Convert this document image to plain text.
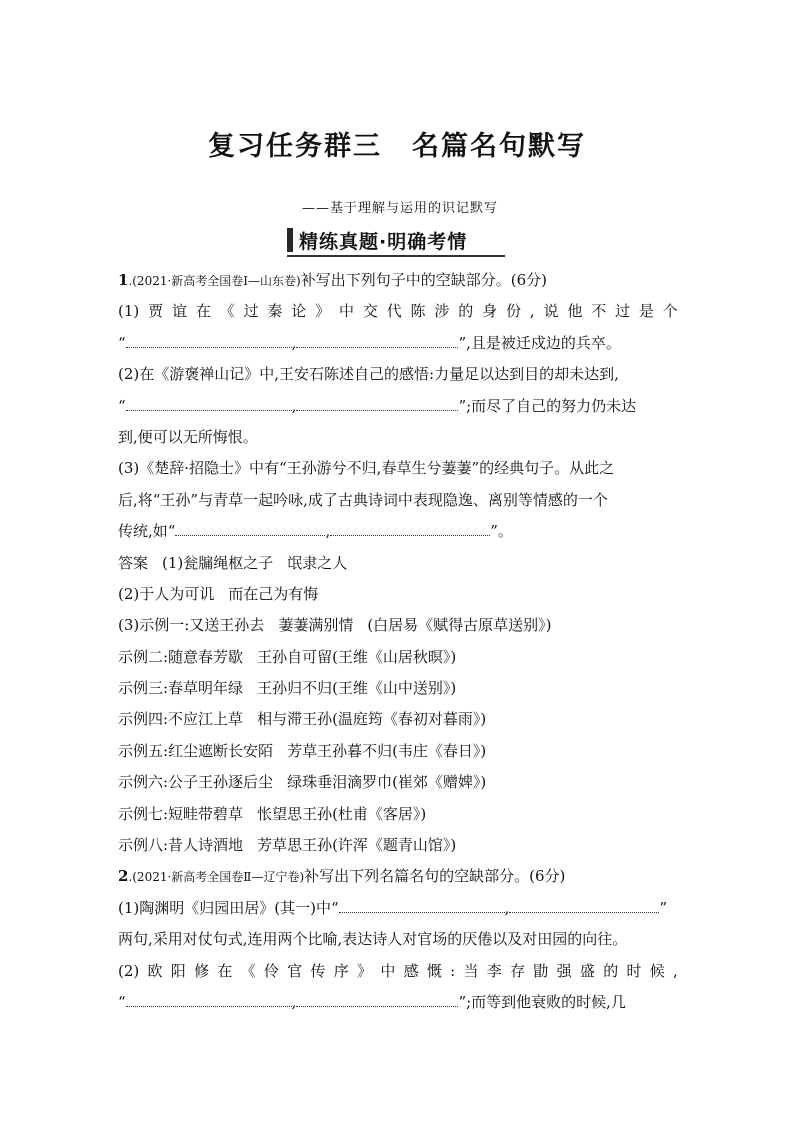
复习任务群三 名篇名句默写
——基于理解与运用的识记默写
精练真题·明确考情
1.(2021·新高考全国卷Ⅰ—山东卷)补写出下列句子中的空缺部分。(6分)
(1) 贾 谊 在 《 过 秦 论 》 中 交 代 陈 涉 的 身 份 , 说 他 不 过 是 个
“	,	”,且是被迁戍边的兵卒。
(2)在《游褒禅山记》中,王安石陈述自己的感悟:力量足以达到目的却未达到,
“	,	”;而尽了自己的努力仍未达
到,便可以无所悔恨。
(3)《楚辞·招隐士》中有“王孙游兮不归,春草生兮萋萋”的经典句子。从此之
后,将“王孙”与青草一起吟咏,成了古典诗词中表现隐逸、离别等情感的一个
传统,如“	,	”。
答案 (1)瓮牖绳枢之子 氓隶之人
(2)于人为可讥 而在己为有悔
(3)示例一:又送王孙去 萋萋满别情 (白居易《赋得古原草送别》)
示例二:随意春芳歇 王孙自可留(王维《山居秋暝》)
示例三:春草明年绿 王孙归不归(王维《山中送别》)
示例四:不应江上草 相与滞王孙(温庭筠《春初对暮雨》)
示例五:红尘遮断长安陌 芳草王孙暮不归(韦庄《春日》)
示例六:公子王孙逐后尘 绿珠垂泪滴罗巾(崔郊《赠婢》)
示例七:短畦带碧草 怅望思王孙(杜甫《客居》)
示例八:昔人诗酒地 芳草思王孙(许浑《题青山馆》)
2.(2021·新高考全国卷Ⅱ—辽宁卷)补写出下列名篇名句的空缺部分。(6分)
(1)陶渊明《归园田居》(其一)中“	,	”
两句,采用对仗句式,连用两个比喻,表达诗人对官场的厌倦以及对田园的向往。
(2) 欧 阳 修 在 《 伶 官 传 序 》 中 感 慨 : 当 李 存 勖 强 盛 的 时 候 ,
“	,	”;而等到他衰败的时候,几
